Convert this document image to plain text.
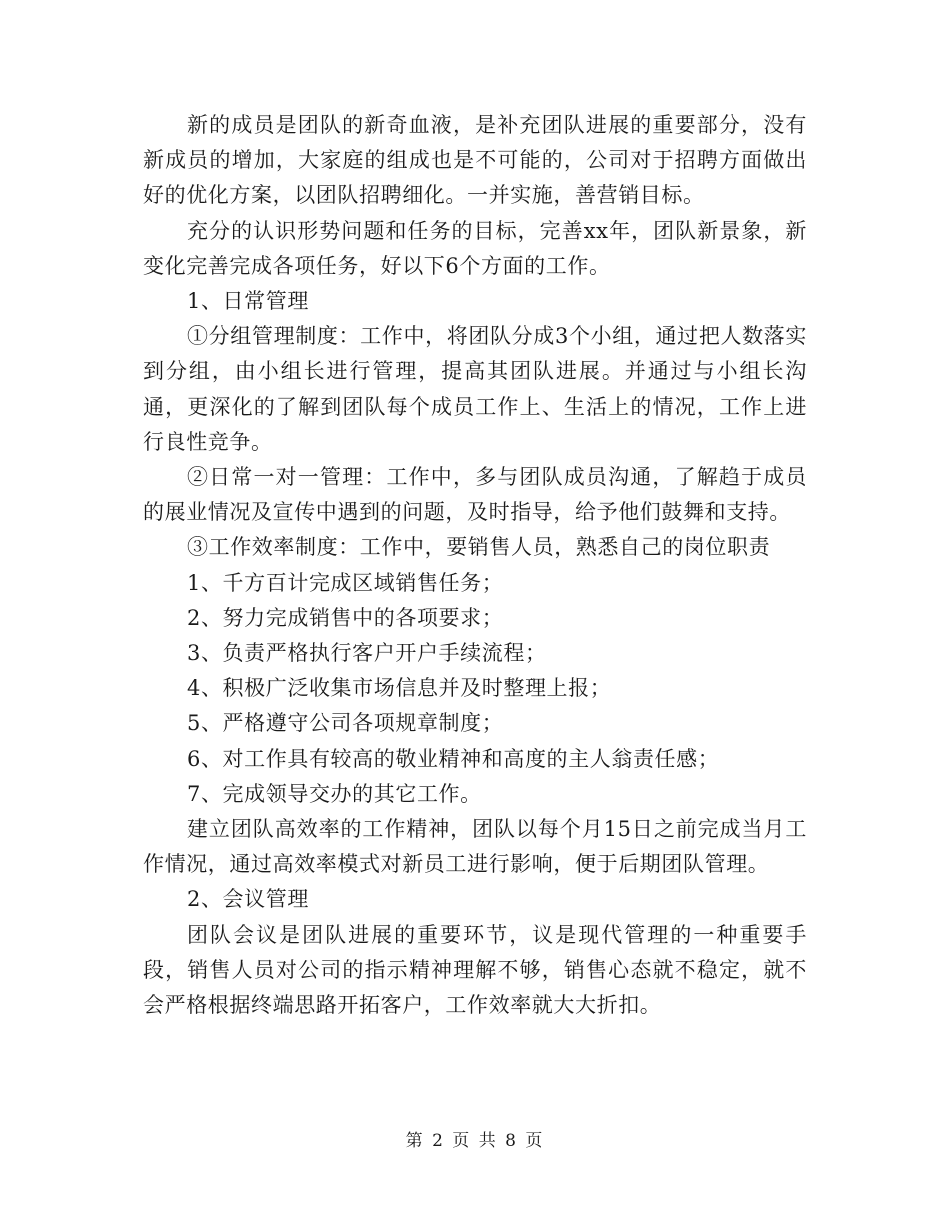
新的成员是团队的新奇血液，是补充团队进展的重要部分，没有新成员的增加，大家庭的组成也是不可能的，公司对于招聘方面做出好的优化方案，以团队招聘细化。一并实施，善营销目标。

充分的认识形势问题和任务的目标，完善xx年，团队新景象，新变化完善完成各项任务，好以下6个方面的工作。

1、日常管理

①分组管理制度：工作中，将团队分成3个小组，通过把人数落实到分组，由小组长进行管理，提高其团队进展。并通过与小组长沟通，更深化的了解到团队每个成员工作上、生活上的情况，工作上进行良性竞争。

②日常一对一管理：工作中，多与团队成员沟通，了解趋于成员的展业情况及宣传中遇到的问题，及时指导，给予他们鼓舞和支持。

③工作效率制度：工作中，要销售人员，熟悉自己的岗位职责

1、千方百计完成区域销售任务；

2、努力完成销售中的各项要求；

3、负责严格执行客户开户手续流程；

4、积极广泛收集市场信息并及时整理上报；

5、严格遵守公司各项规章制度；

6、对工作具有较高的敬业精神和高度的主人翁责任感；

7、完成领导交办的其它工作。

建立团队高效率的工作精神，团队以每个月15日之前完成当月工作情况，通过高效率模式对新员工进行影响，便于后期团队管理。

2、会议管理

团队会议是团队进展的重要环节，议是现代管理的一种重要手段，销售人员对公司的指示精神理解不够，销售心态就不稳定，就不会严格根据终端思路开拓客户，工作效率就大大折扣。

第 2 页 共 8 页
